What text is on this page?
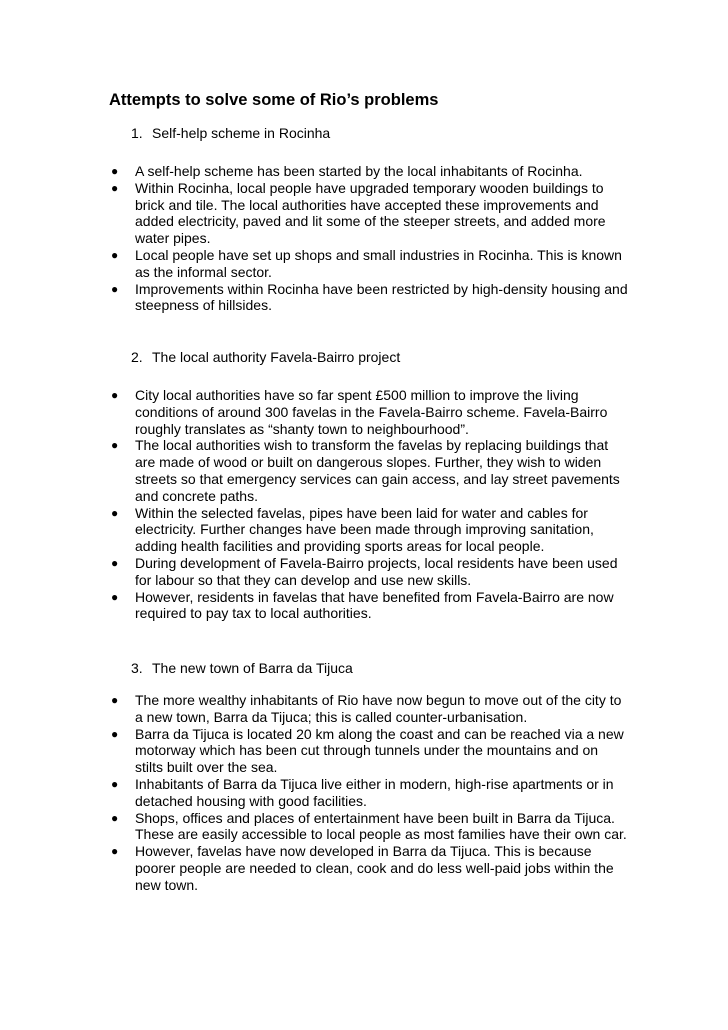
Attempts to solve some of Rio’s problems
1. Self-help scheme in Rocinha
● A self-help scheme has been started by the local inhabitants of Rocinha.
● Within Rocinha, local people have upgraded temporary wooden buildings to brick and tile. The local authorities have accepted these improvements and added electricity, paved and lit some of the steeper streets, and added more water pipes.
● Local people have set up shops and small industries in Rocinha. This is known as the informal sector.
● Improvements within Rocinha have been restricted by high-density housing and steepness of hillsides.
2. The local authority Favela-Bairro project
● City local authorities have so far spent £500 million to improve the living conditions of around 300 favelas in the Favela-Bairro scheme. Favela-Bairro roughly translates as “shanty town to neighbourhood”.
● The local authorities wish to transform the favelas by replacing buildings that are made of wood or built on dangerous slopes. Further, they wish to widen streets so that emergency services can gain access, and lay street pavements and concrete paths.
● Within the selected favelas, pipes have been laid for water and cables for electricity. Further changes have been made through improving sanitation, adding health facilities and providing sports areas for local people.
● During development of Favela-Bairro projects, local residents have been used for labour so that they can develop and use new skills.
● However, residents in favelas that have benefited from Favela-Bairro are now required to pay tax to local authorities.
3. The new town of Barra da Tijuca
● The more wealthy inhabitants of Rio have now begun to move out of the city to a new town, Barra da Tijuca; this is called counter-urbanisation.
● Barra da Tijuca is located 20 km along the coast and can be reached via a new motorway which has been cut through tunnels under the mountains and on stilts built over the sea.
● Inhabitants of Barra da Tijuca live either in modern, high-rise apartments or in detached housing with good facilities.
● Shops, offices and places of entertainment have been built in Barra da Tijuca. These are easily accessible to local people as most families have their own car.
● However, favelas have now developed in Barra da Tijuca. This is because poorer people are needed to clean, cook and do less well-paid jobs within the new town.
